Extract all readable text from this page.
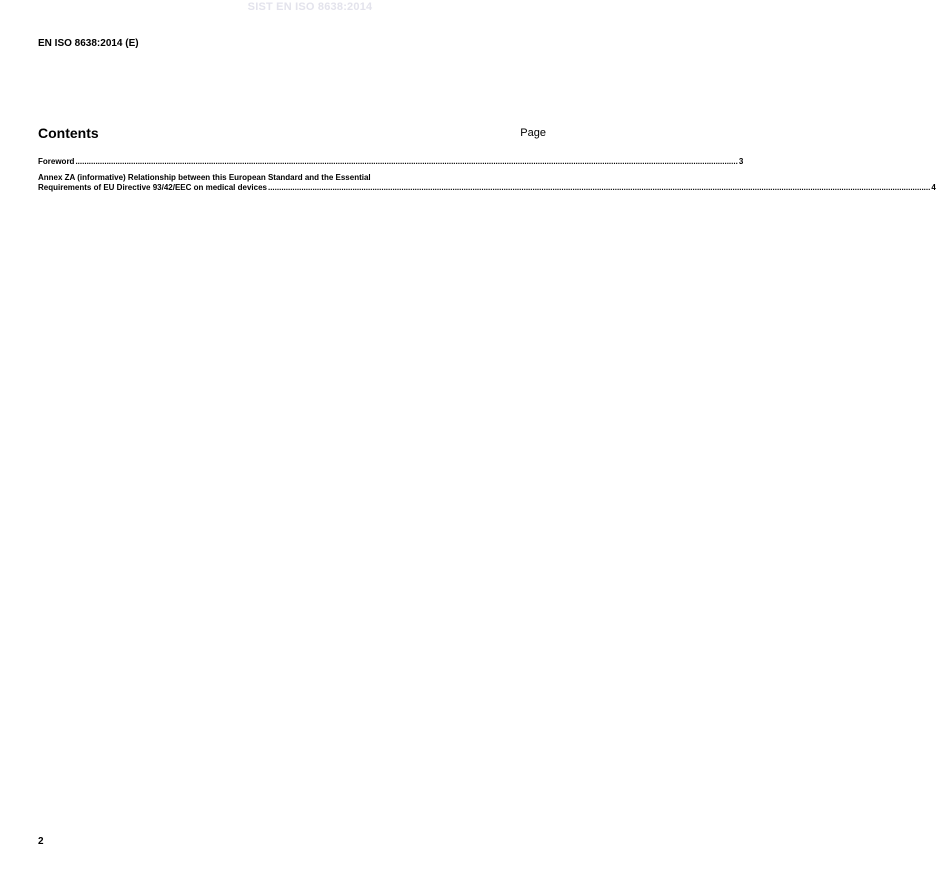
SIST EN ISO 8638:2014
EN ISO 8638:2014 (E)
Contents	Page
Foreword .......................................................................................................................................................................................................................................................................................................... 3
Annex ZA (informative) Relationship between this European Standard and the Essential
Requirements of EU Directive 93/42/EEC on medical devices .......................................................................................................................................................................................................................................................................................................... 4
2
